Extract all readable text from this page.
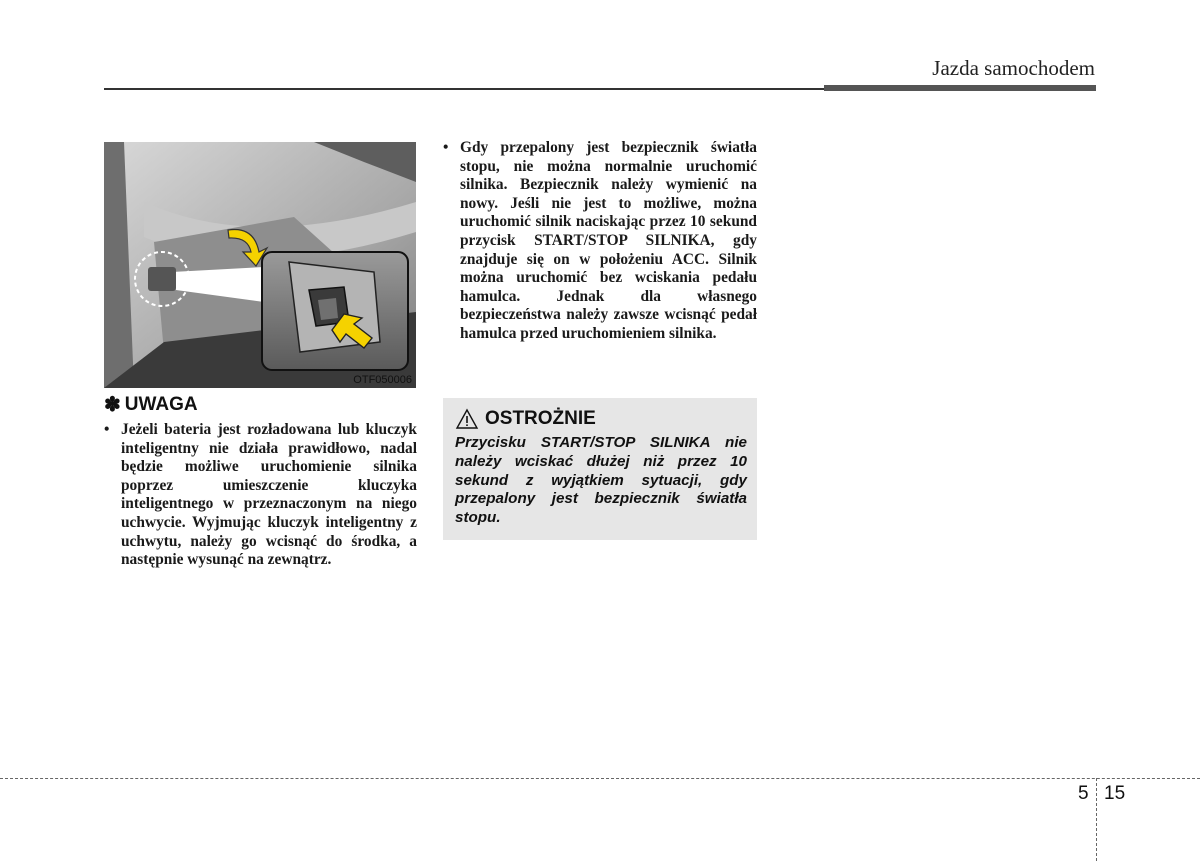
Jazda samochodem
OTF050006
✽ UWAGA
• Jeżeli bateria jest rozładowana lub kluczyk inteligentny nie działa prawidłowo, nadal będzie możliwe uruchomienie silnika poprzez umieszczenie kluczyka inteligentnego w przeznaczonym na niego uchwycie. Wyjmując kluczyk inteligentny z uchwytu, należy go wcisnąć do środka, a następnie wysunąć na zewnątrz.
• Gdy przepalony jest bezpiecznik światła stopu, nie można normalnie uruchomić silnika. Bezpiecznik należy wymienić na nowy. Jeśli nie jest to możliwe, można uruchomić silnik naciskając przez 10 sekund przycisk START/STOP SILNIKA, gdy znajduje się on w położeniu ACC. Silnik można uruchomić bez wciskania pedału hamulca. Jednak dla własnego bezpieczeństwa należy zawsze wcisnąć pedał hamulca przed uruchomieniem silnika.
OSTROŻNIE
Przycisku START/STOP SILNIKA nie należy wciskać dłużej niż przez 10 sekund z wyjątkiem sytuacji, gdy przepalony jest bezpiecznik światła stopu.
5 15
